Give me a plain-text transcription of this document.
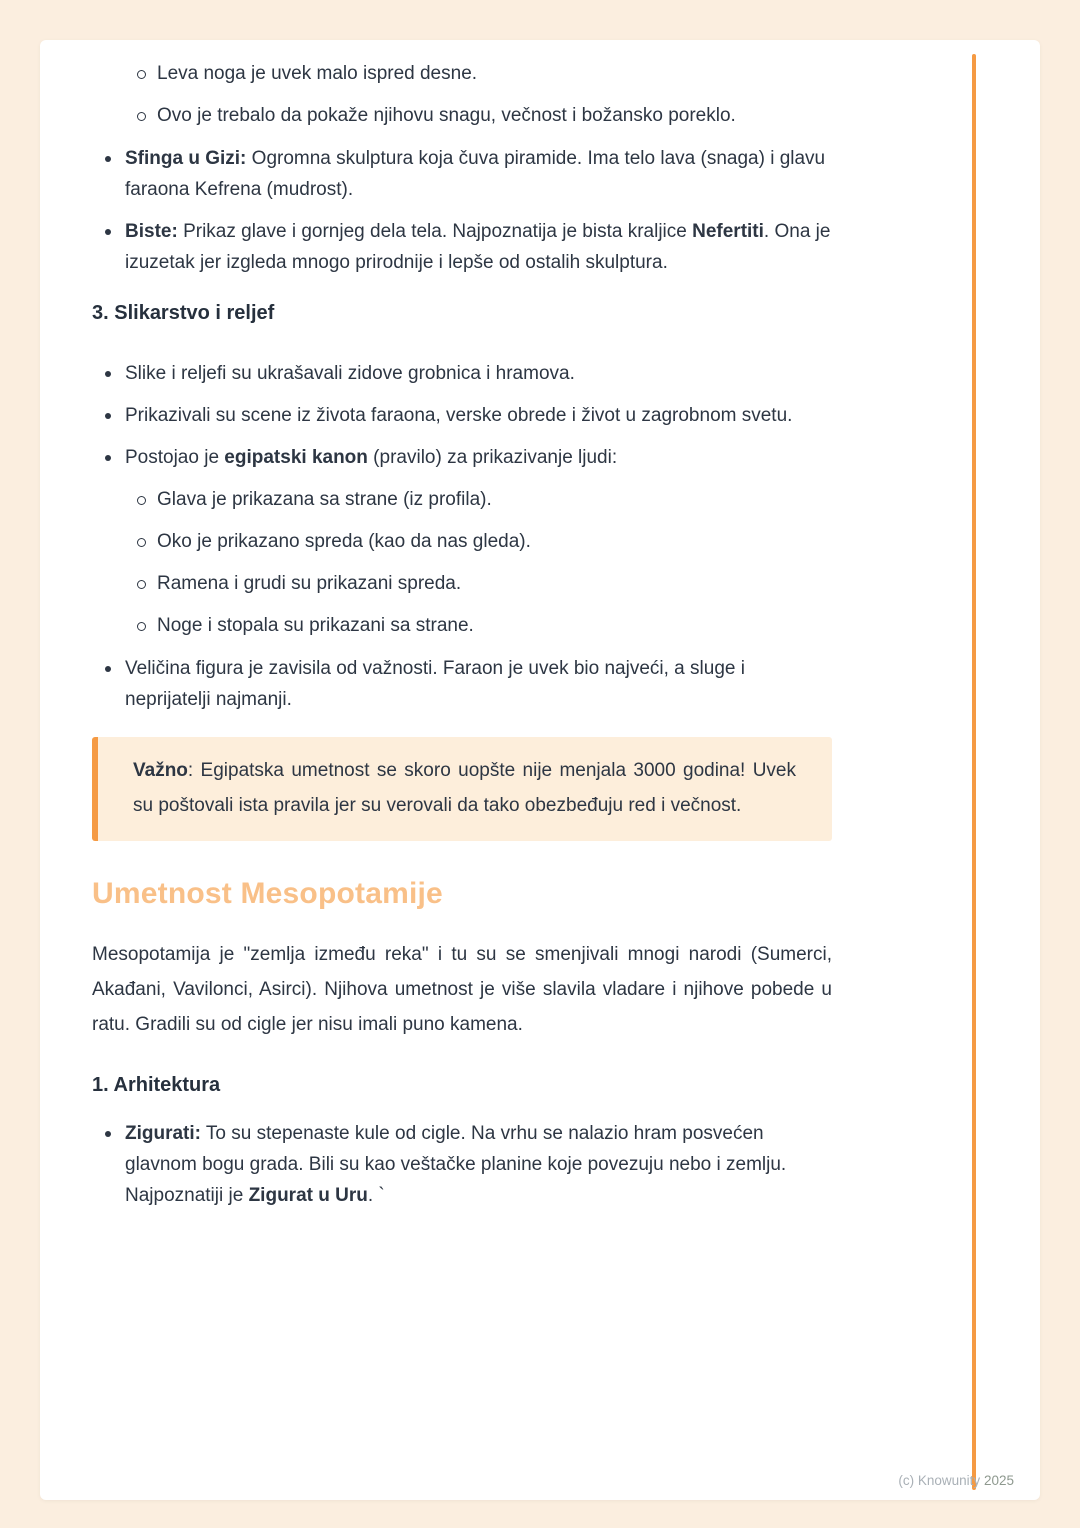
Leva noga je uvek malo ispred desne.
Ovo je trebalo da pokaže njihovu snagu, večnost i božansko poreklo.
Sfinga u Gizi: Ogromna skulptura koja čuva piramide. Ima telo lava (snaga) i glavu faraona Kefrena (mudrost).
Biste: Prikaz glave i gornjeg dela tela. Najpoznatija je bista kraljice Nefertiti. Ona je izuzetak jer izgleda mnogo prirodnije i lepše od ostalih skulptura.
3. Slikarstvo i reljef
Slike i reljefi su ukrašavali zidove grobnica i hramova.
Prikazivali su scene iz života faraona, verske obrede i život u zagrobnom svetu.
Postojao je egipatski kanon (pravilo) za prikazivanje ljudi:
Glava je prikazana sa strane (iz profila).
Oko je prikazano spreda (kao da nas gleda).
Ramena i grudi su prikazani spreda.
Noge i stopala su prikazani sa strane.
Veličina figura je zavisila od važnosti. Faraon je uvek bio najveći, a sluge i neprijatelji najmanji.
Važno: Egipatska umetnost se skoro uopšte nije menjala 3000 godina! Uvek su poštovali ista pravila jer su verovali da tako obezbeđuju red i večnost.
Umetnost Mesopotamije
Mesopotamija je "zemlja između reka" i tu su se smenjivali mnogi narodi (Sumerci, Akađani, Vavilonci, Asirci). Njihova umetnost je više slavila vladare i njihove pobede u ratu. Gradili su od cigle jer nisu imali puno kamena.
1. Arhitektura
Zigurati: To su stepenaste kule od cigle. Na vrhu se nalazio hram posvećen glavnom bogu grada. Bili su kao veštačke planine koje povezuju nebo i zemlju. Najpoznatiji je Zigurat u Uru. `
(c) Knowunity 2025
